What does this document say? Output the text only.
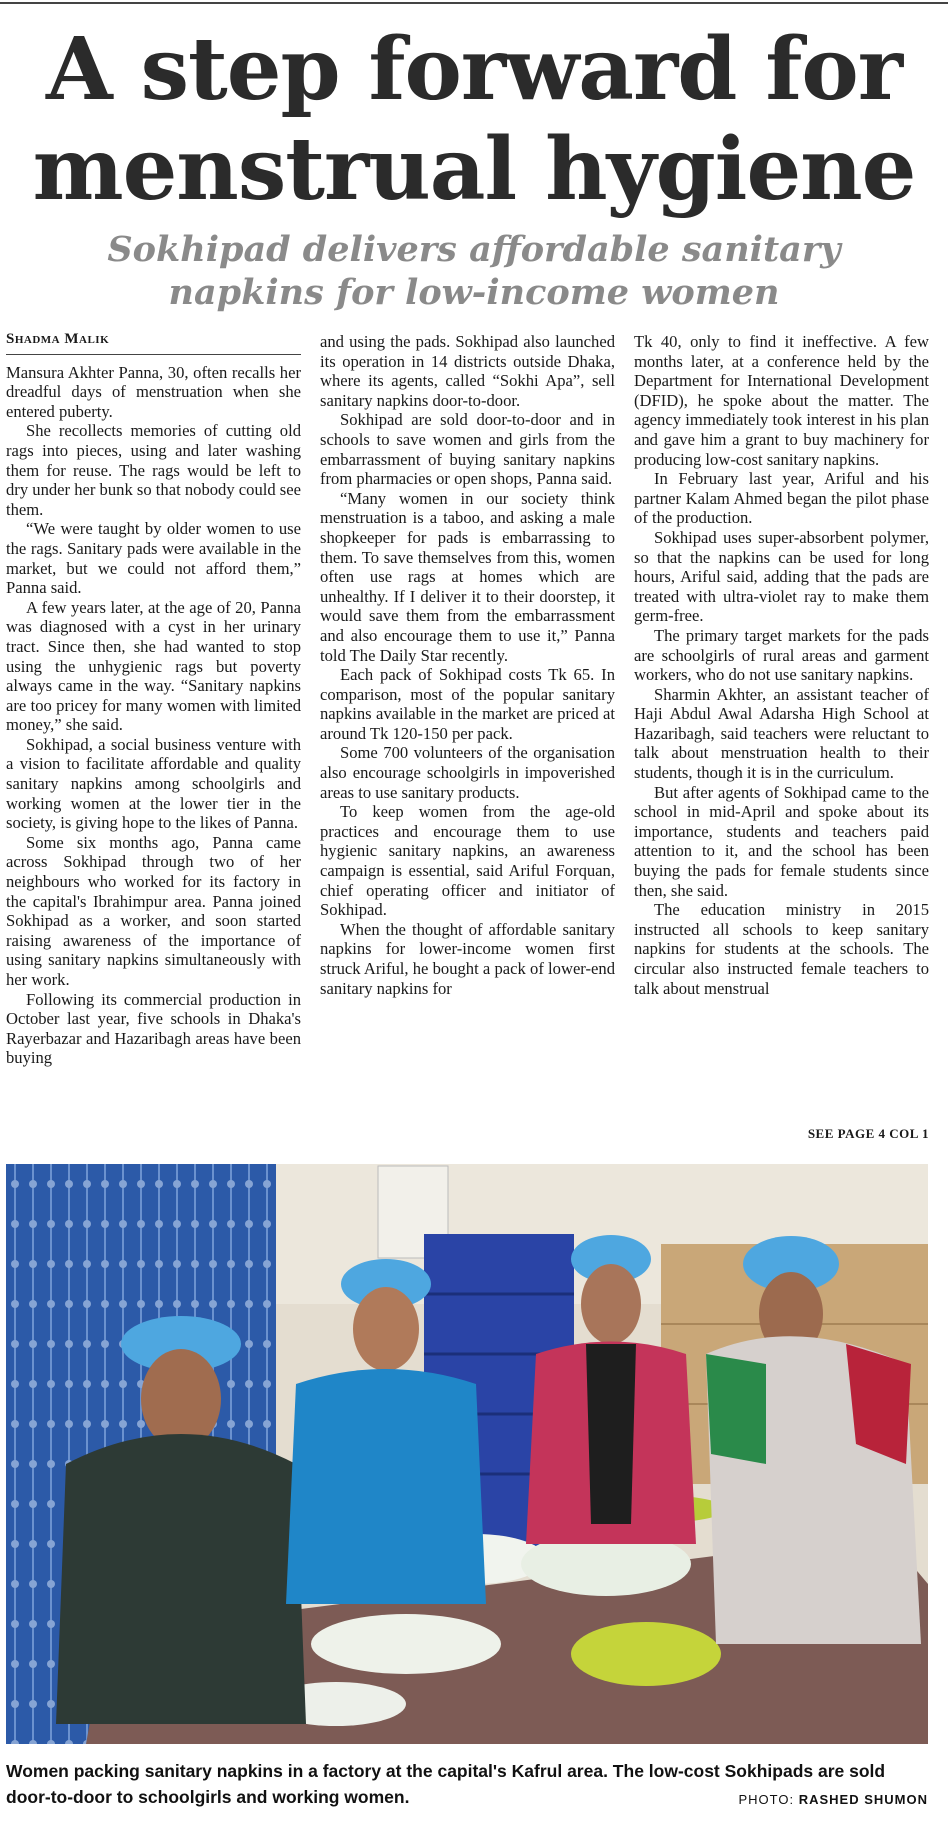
A step forward for
menstrual hygiene
Sokhipad delivers affordable sanitary
napkins for low-income women
Shadma Malik

Mansura Akhter Panna, 30, often recalls her dreadful days of menstruation when she entered puberty.

She recollects memories of cutting old rags into pieces, using and later washing them for reuse. The rags would be left to dry under her bunk so that nobody could see them.

“We were taught by older women to use the rags. Sanitary pads were available in the market, but we could not afford them,” Panna said.

A few years later, at the age of 20, Panna was diagnosed with a cyst in her urinary tract. Since then, she had wanted to stop using the unhygienic rags but poverty always came in the way. “Sanitary napkins are too pricey for many women with limited money,” she said.

Sokhipad, a social business venture with a vision to facilitate affordable and quality sanitary napkins among schoolgirls and working women at the lower tier in the society, is giving hope to the likes of Panna.

Some six months ago, Panna came across Sokhipad through two of her neighbours who worked for its factory in the capital's Ibrahimpur area. Panna joined Sokhipad as a worker, and soon started raising awareness of the importance of using sanitary napkins simultaneously with her work.

Following its commercial production in October last year, five schools in Dhaka's Rayerbazar and Hazaribagh areas have been buying

and using the pads. Sokhipad also launched its operation in 14 districts outside Dhaka, where its agents, called “Sokhi Apa”, sell sanitary napkins door-to-door.

Sokhipad are sold door-to-door and in schools to save women and girls from the embarrassment of buying sanitary napkins from pharmacies or open shops, Panna said.

“Many women in our society think menstruation is a taboo, and asking a male shopkeeper for pads is embarrassing to them. To save themselves from this, women often use rags at homes which are unhealthy. If I deliver it to their doorstep, it would save them from the embarrassment and also encourage them to use it,” Panna told The Daily Star recently.

Each pack of Sokhipad costs Tk 65. In comparison, most of the popular sanitary napkins available in the market are priced at around Tk 120-150 per pack.

Some 700 volunteers of the organisation also encourage schoolgirls in impoverished areas to use sanitary products.

To keep women from the age-old practices and encourage them to use hygienic sanitary napkins, an awareness campaign is essential, said Ariful Forquan, chief operating officer and initiator of Sokhipad.

When the thought of affordable sanitary napkins for lower-income women first struck Ariful, he bought a pack of lower-end sanitary napkins for

Tk 40, only to find it ineffective. A few months later, at a conference held by the Department for International Development (DFID), he spoke about the matter. The agency immediately took interest in his plan and gave him a grant to buy machinery for producing low-cost sanitary napkins.

In February last year, Ariful and his partner Kalam Ahmed began the pilot phase of the production.

Sokhipad uses super-absorbent polymer, so that the napkins can be used for long hours, Ariful said, adding that the pads are treated with ultra-violet ray to make them germ-free.

The primary target markets for the pads are schoolgirls of rural areas and garment workers, who do not use sanitary napkins.

Sharmin Akhter, an assistant teacher of Haji Abdul Awal Adarsha High School at Hazaribagh, said teachers were reluctant to talk about menstruation health to their students, though it is in the curriculum.

But after agents of Sokhipad came to the school in mid-April and spoke about its importance, students and teachers paid attention to it, and the school has been buying the pads for female students since then, she said.

The education ministry in 2015 instructed all schools to keep sanitary napkins for students at the schools. The circular also instructed female teachers to talk about menstrual

SEE PAGE 4 COL 1
Women packing sanitary napkins in a factory at the capital's Kafrul area. The low-cost Sokhipads are sold door-to-door to schoolgirls and working women.	PHOTO: RASHED SHUMON
